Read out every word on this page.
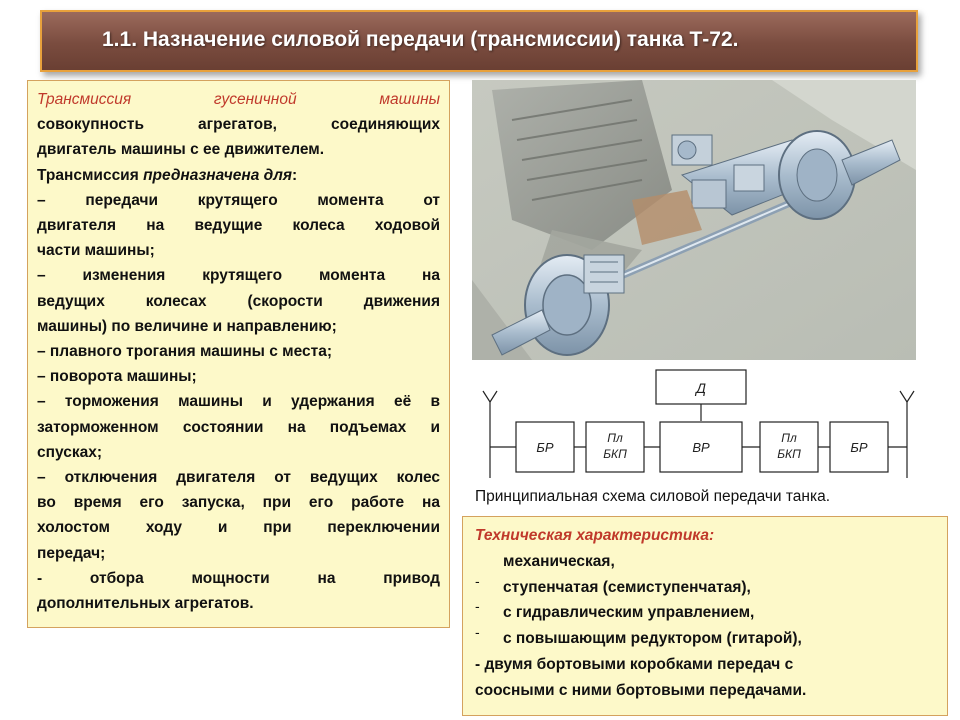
1.1. Назначение силовой передачи (трансмиссии) танка Т-72.
Трансмиссия гусеничной машины
совокупность агрегатов, соединяющих
двигатель машины с ее движителем.
Трансмиссия предназначена для:
– передачи крутящего момента от
двигателя на ведущие колеса ходовой
части машины;
– изменения крутящего момента на
ведущих колесах (скорости движения
машины) по величине и направлению;
– плавного трогания машины с места;
– поворота машины;
– торможения машины и удержания её в
заторможенном состоянии на подъемах и
спусках;
– отключения двигателя от ведущих колес
во время его запуска, при его работе на
холостом ходу и при переключении
передач;
- отбора мощности на привод
дополнительных агрегатов.
Д
БР
Пл
БКП	ВР
Пл
БКП	БР
Принципиальная схема силовой передачи танка.
Техническая характеристика:
механическая,
- ступенчатая (семиступенчатая),
- с гидравлическим управлением,
- с повышающим редуктором (гитарой),
- двумя бортовыми коробками передач с
соосными с ними бортовыми передачами.
